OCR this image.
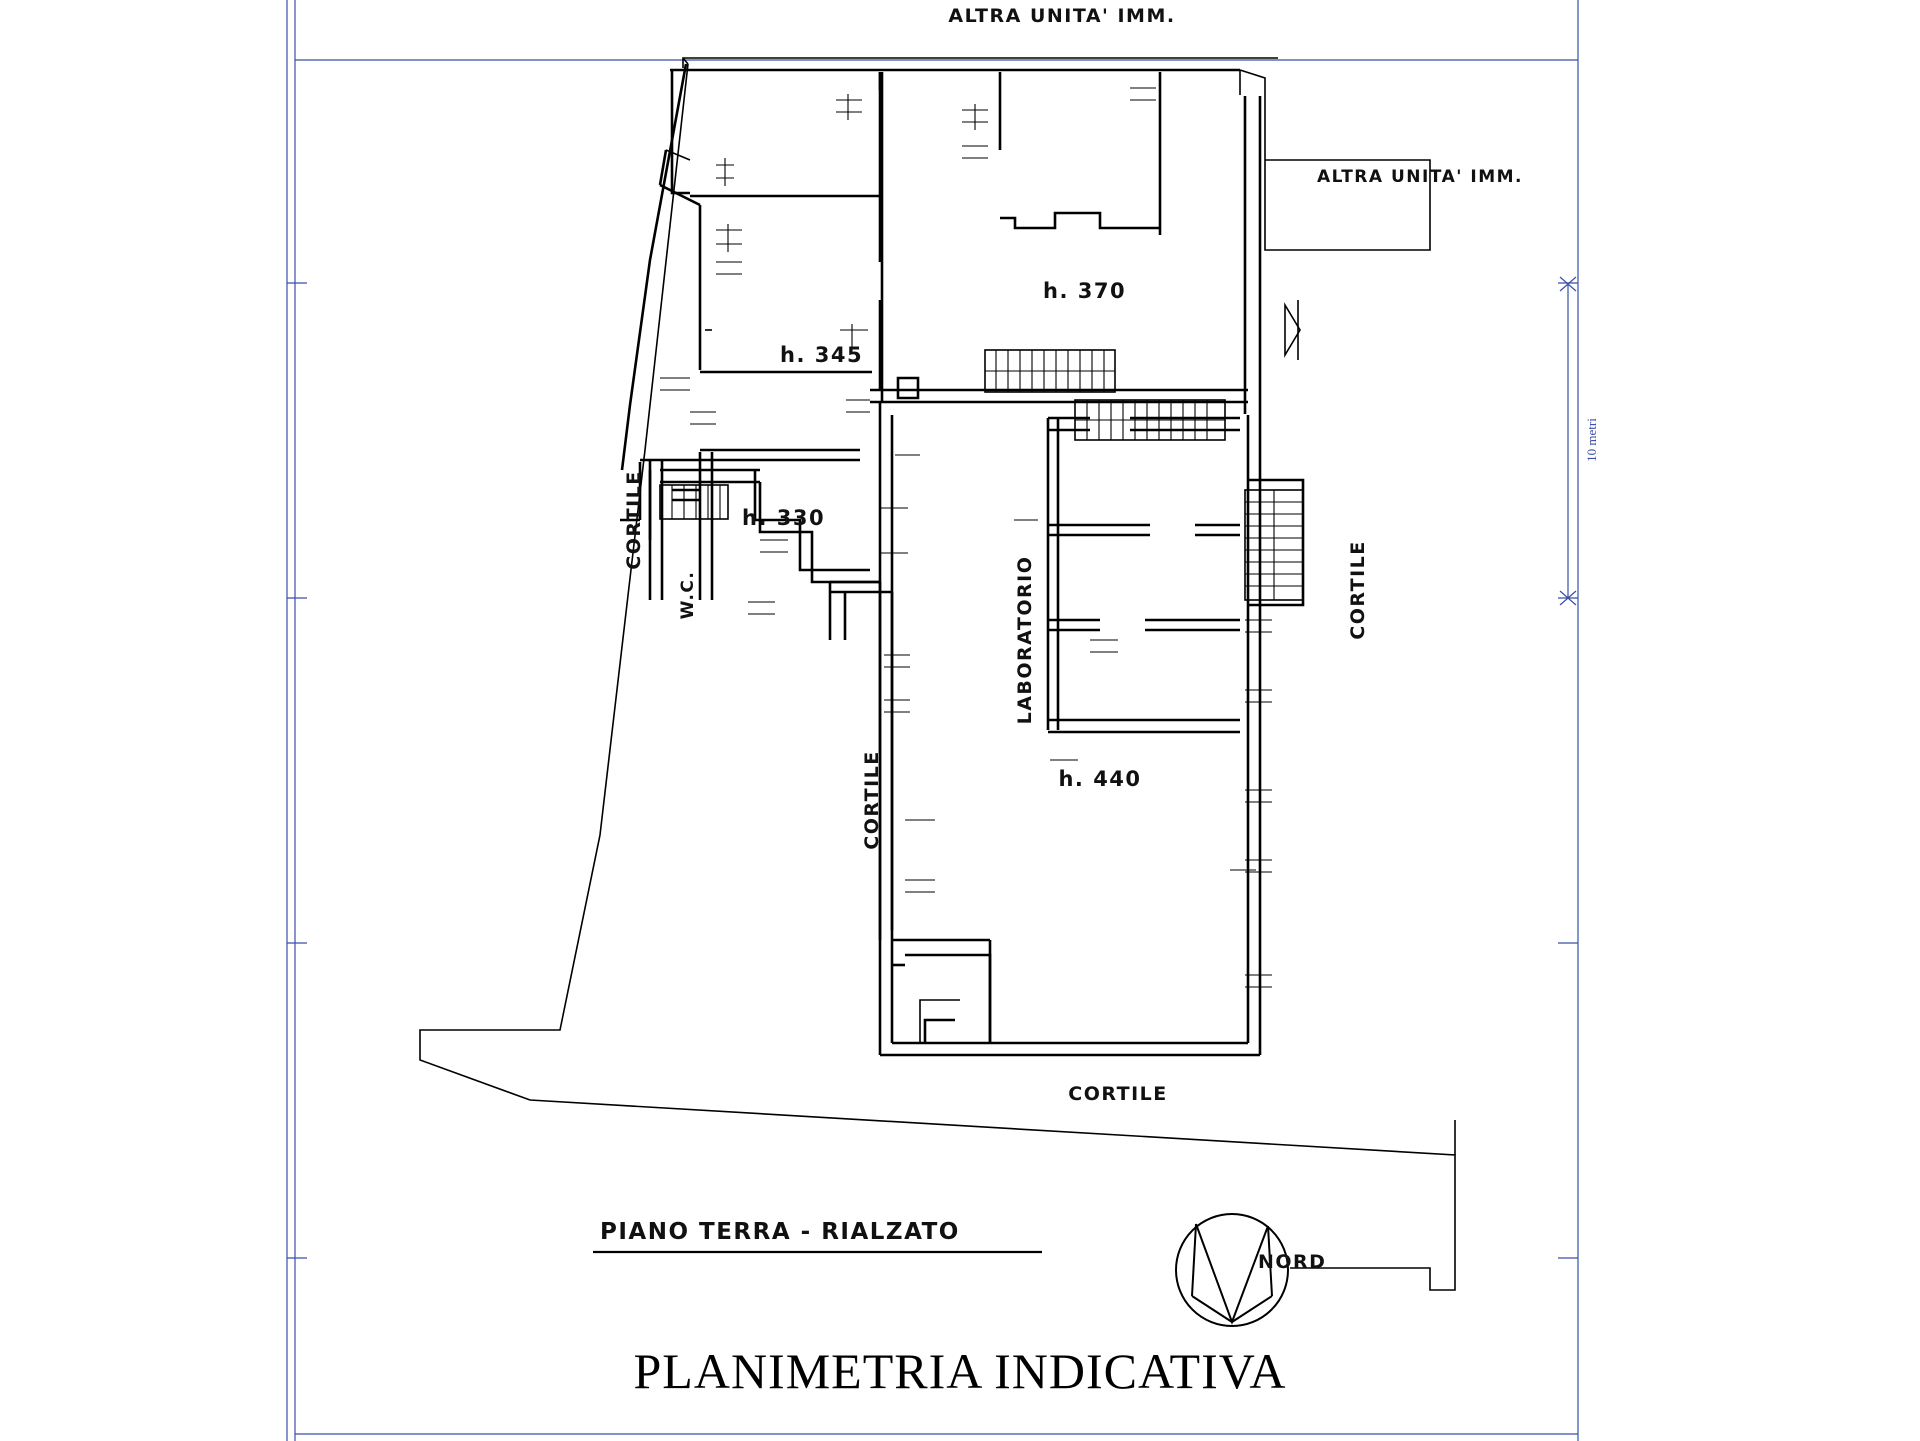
10 metri
ALTRA UNITA' IMM.
ALTRA UNITA' IMM.
h. 345
h. 370
h. 330
h. 440
W.C.	LABORATORIO
CORTILE
CORTILE
CORTILE
CORTILE
PIANO TERRA - RIALZATO
NORD
PLANIMETRIA INDICATIVA
